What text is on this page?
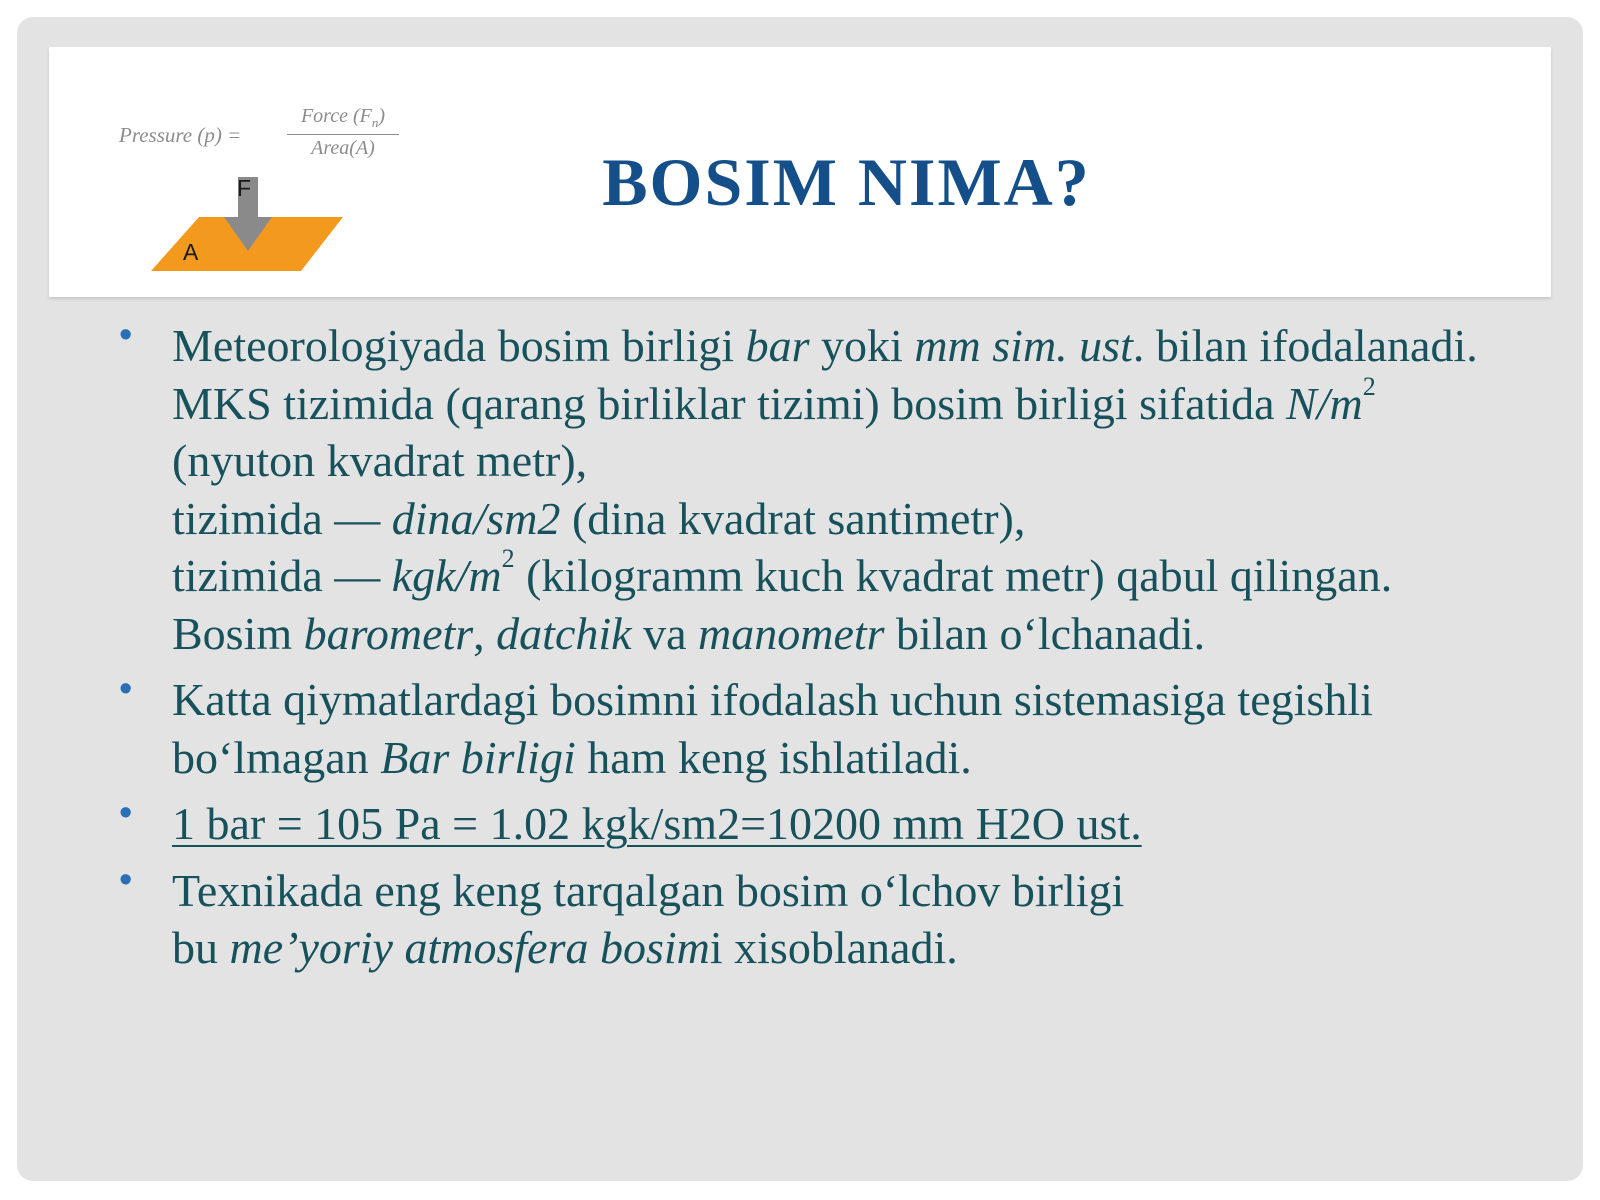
Pressure (p) =
Force $(F_n)$
Area(A)
F
A
BOSIM NIMA?
• Meteorologiyada bosim birligi bar yoki mm sim. ust. bilan ifodalanadi. MKS tizimida (qarang birliklar tizimi) bosim birligi sifatida $N/m^2$ (nyuton kvadrat metr),
tizimida — dina/sm2 (dina kvadrat santimetr),
tizimida — kgk/$m^2$ (kilogramm kuch kvadrat metr) qabul qilingan. Bosim barometr, datchik va manometr bilan o‘lchanadi.
• Katta qiymatlardagi bosimni ifodalash uchun sistemasiga tegishli bo‘lmagan Bar birligi ham keng ishlatiladi.
• 1 bar = 105 Pa = 1.02 kgk/sm2=10200 mm H2O ust.
• Texnikada eng keng tarqalgan bosim o‘lchov birligi
bu me’yoriy atmosfera bosimi xisoblanadi.
